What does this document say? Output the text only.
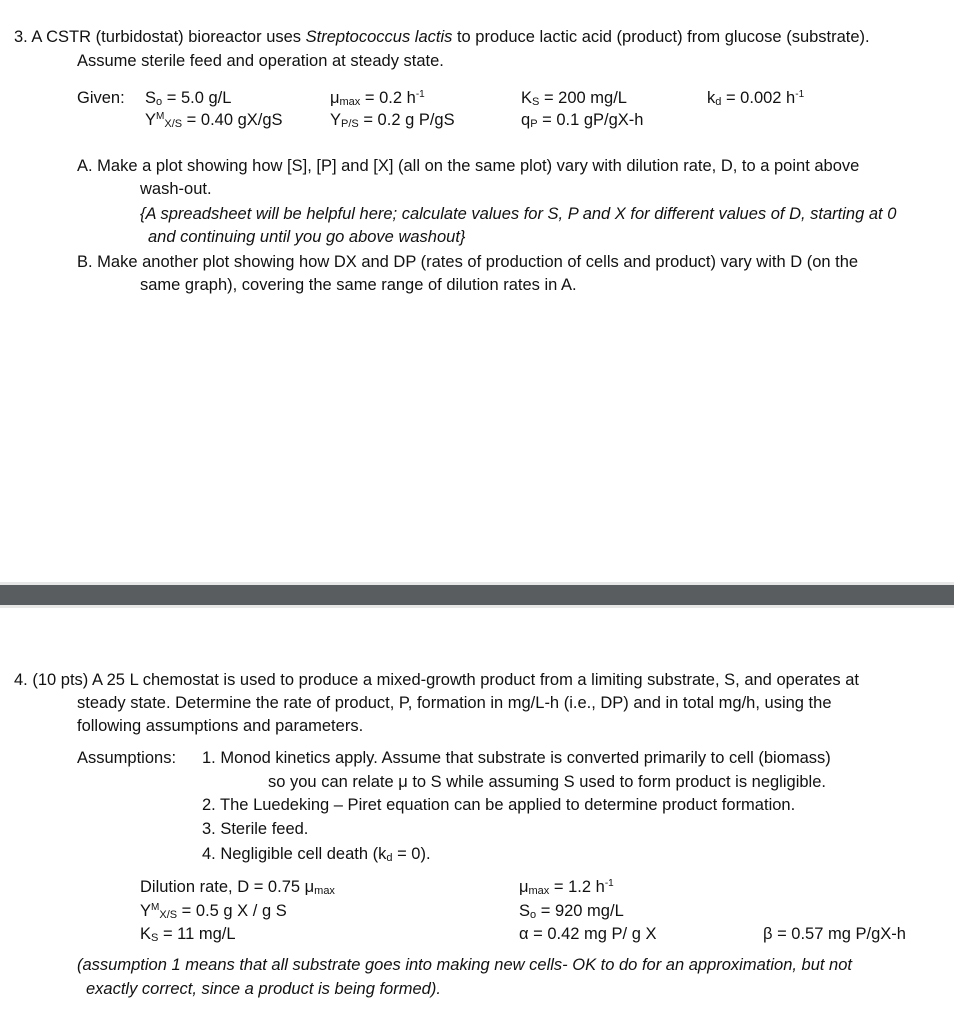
3. A CSTR (turbidostat) bioreactor uses Streptococcus lactis to produce lactic acid (product) from glucose (substrate).
Assume sterile feed and operation at steady state.
Given: So = 5.0 g/L	μmax = 0.2 $h^{-1}$	KS = 200 mg/L	kd = 0.002 $h^{-1}$
$Y^MX/S = 0.40$ gX/gS	YP/S = 0.2 g P/gS	qP = 0.1 gP/gX-h
A. Make a plot showing how [S], [P] and [X] (all on the same plot) vary with dilution rate, D, to a point above
wash-out.
{A spreadsheet will be helpful here; calculate values for S, P and X for different values of D, starting at 0
and continuing until you go above washout}
B. Make another plot showing how DX and DP (rates of production of cells and product) vary with D (on the
same graph), covering the same range of dilution rates in A.
4. (10 pts) A 25 L chemostat is used to produce a mixed-growth product from a limiting substrate, S, and operates at
steady state. Determine the rate of product, P, formation in mg/L-h (i.e., DP) and in total mg/h, using the
following assumptions and parameters.
Assumptions: 1. Monod kinetics apply. Assume that substrate is converted primarily to cell (biomass)
so you can relate μ to S while assuming S used to form product is negligible.
2. The Luedeking – Piret equation can be applied to determine product formation.
3. Sterile feed.
4. Negligible cell death (kd = 0).
Dilution rate, D = 0.75 μmax	μmax = 1.2 $h^{-1}$
$Y^MX/S = 0.5$ g X / g S	So = 920 mg/L
KS = 11 mg/L	α = 0.42 mg P/ g X	β = 0.57 mg P/gX-h
(assumption 1 means that all substrate goes into making new cells- OK to do for an approximation, but not
exactly correct, since a product is being formed).
